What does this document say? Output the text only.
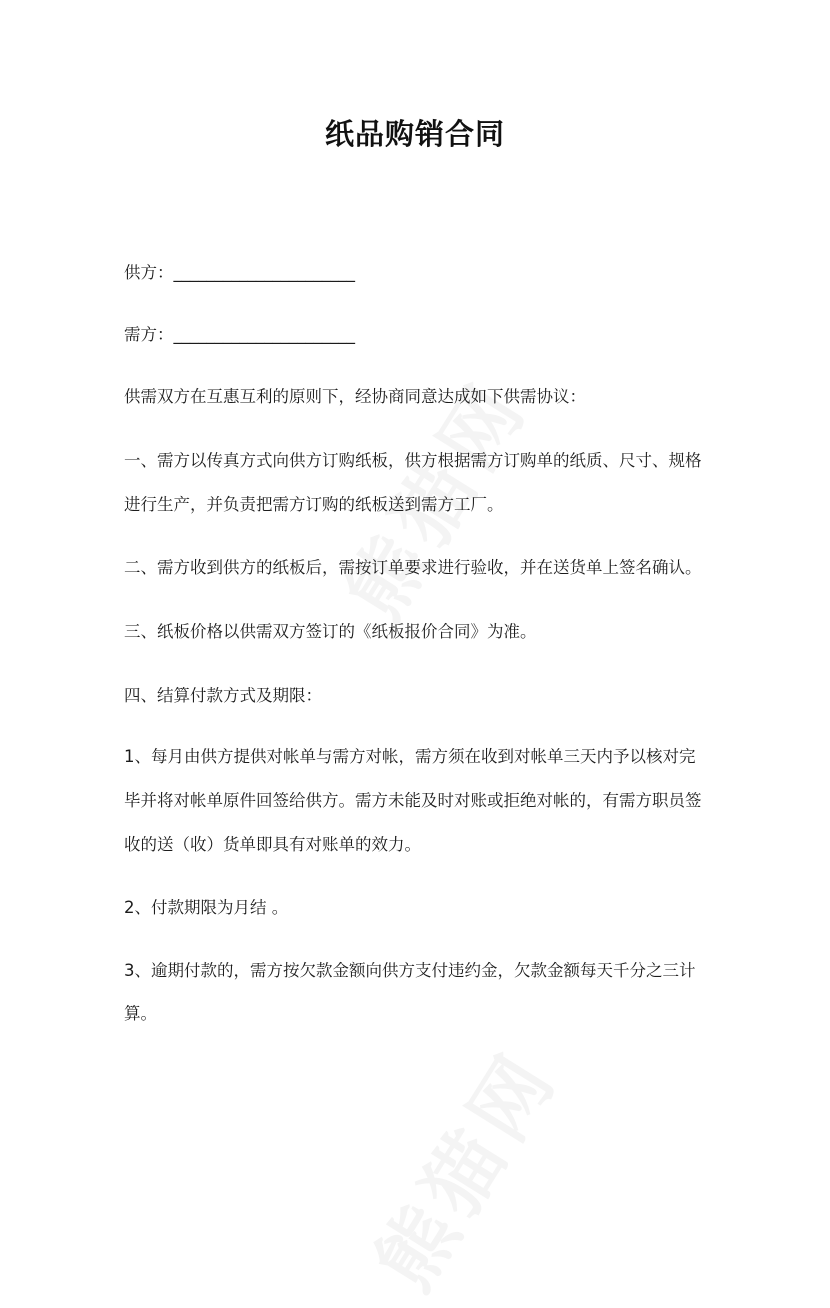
纸品购销合同
供方：______________________
需方：______________________
供需双方在互惠互利的原则下，经协商同意达成如下供需协议：
一、需方以传真方式向供方订购纸板，供方根据需方订购单的纸质、尺寸、规格
进行生产，并负责把需方订购的纸板送到需方工厂。
二、需方收到供方的纸板后，需按订单要求进行验收，并在送货单上签名确认。
三、纸板价格以供需双方签订的《纸板报价合同》为准。
四、结算付款方式及期限：
1、每月由供方提供对帐单与需方对帐，需方须在收到对帐单三天内予以核对完
毕并将对帐单原件回签给供方。需方未能及时对账或拒绝对帐的，有需方职员签
收的送（收）货单即具有对账单的效力。
2、付款期限为月结 。
3、逾期付款的，需方按欠款金额向供方支付违约金，欠款金额每天千分之三计
算。
